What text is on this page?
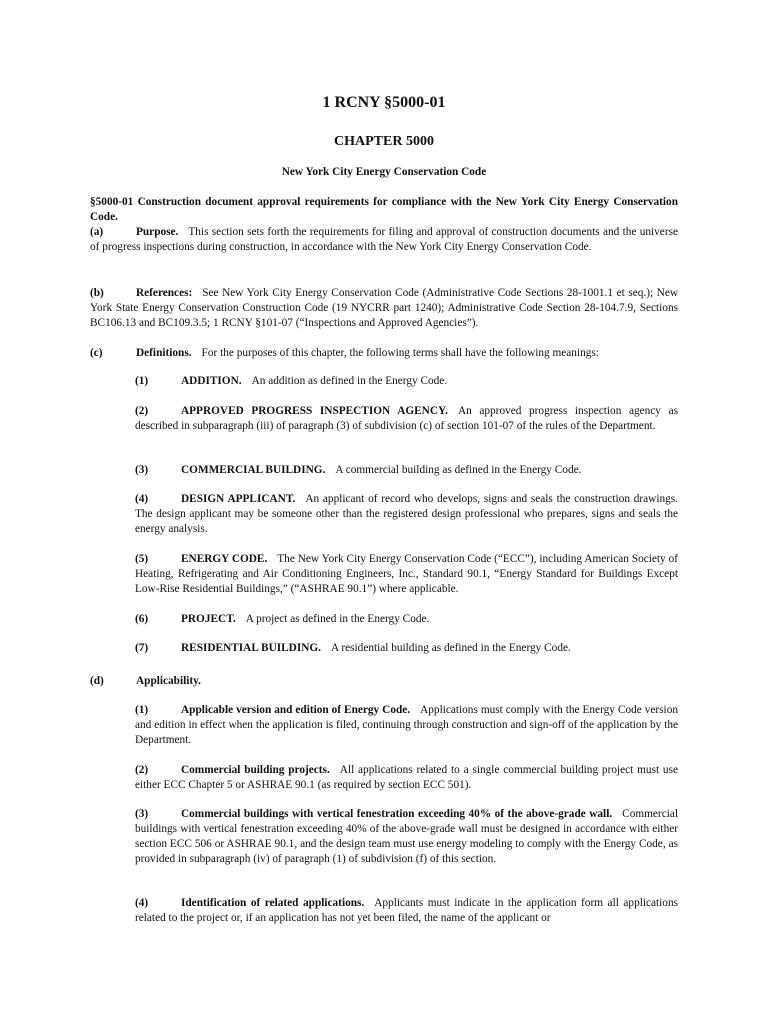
1 RCNY §5000-01

CHAPTER 5000

New York City Energy Conservation Code

§5000-01 Construction document approval requirements for compliance with the New York City Energy Conservation Code.

(a)	Purpose. This section sets forth the requirements for filing and approval of construction documents and the universe of progress inspections during construction, in accordance with the New York City Energy Conservation Code.

(b)	References: See New York City Energy Conservation Code (Administrative Code Sections 28-1001.1 et seq.); New York State Energy Conservation Construction Code (19 NYCRR part 1240); Administrative Code Section 28-104.7.9, Sections BC106.13 and BC109.3.5; 1 RCNY §101-07 (“Inspections and Approved Agencies”).

(c)	Definitions. For the purposes of this chapter, the following terms shall have the following meanings:

(1)	ADDITION. An addition as defined in the Energy Code.

(2)	APPROVED PROGRESS INSPECTION AGENCY. An approved progress inspection agency as described in subparagraph (iii) of paragraph (3) of subdivision (c) of section 101-07 of the rules of the Department.

(3)	COMMERCIAL BUILDING. A commercial building as defined in the Energy Code.

(4)	DESIGN APPLICANT. An applicant of record who develops, signs and seals the construction drawings. The design applicant may be someone other than the registered design professional who prepares, signs and seals the energy analysis.

(5)	ENERGY CODE. The New York City Energy Conservation Code (“ECC”), including American Society of Heating, Refrigerating and Air Conditioning Engineers, Inc., Standard 90.1, “Energy Standard for Buildings Except Low-Rise Residential Buildings,” (“ASHRAE 90.1”) where applicable.

(6)	PROJECT. A project as defined in the Energy Code.

(7)	RESIDENTIAL BUILDING. A residential building as defined in the Energy Code.

(d)	Applicability.

(1)	Applicable version and edition of Energy Code. Applications must comply with the Energy Code version and edition in effect when the application is filed, continuing through construction and sign-off of the application by the Department.

(2)	Commercial building projects. All applications related to a single commercial building project must use either ECC Chapter 5 or ASHRAE 90.1 (as required by section ECC 501).

(3)	Commercial buildings with vertical fenestration exceeding 40% of the above-grade wall. Commercial buildings with vertical fenestration exceeding 40% of the above-grade wall must be designed in accordance with either section ECC 506 or ASHRAE 90.1, and the design team must use energy modeling to comply with the Energy Code, as provided in subparagraph (iv) of paragraph (1) of subdivision (f) of this section.

(4)	Identification of related applications. Applicants must indicate in the application form all applications related to the project or, if an application has not yet been filed, the name of the applicant or
